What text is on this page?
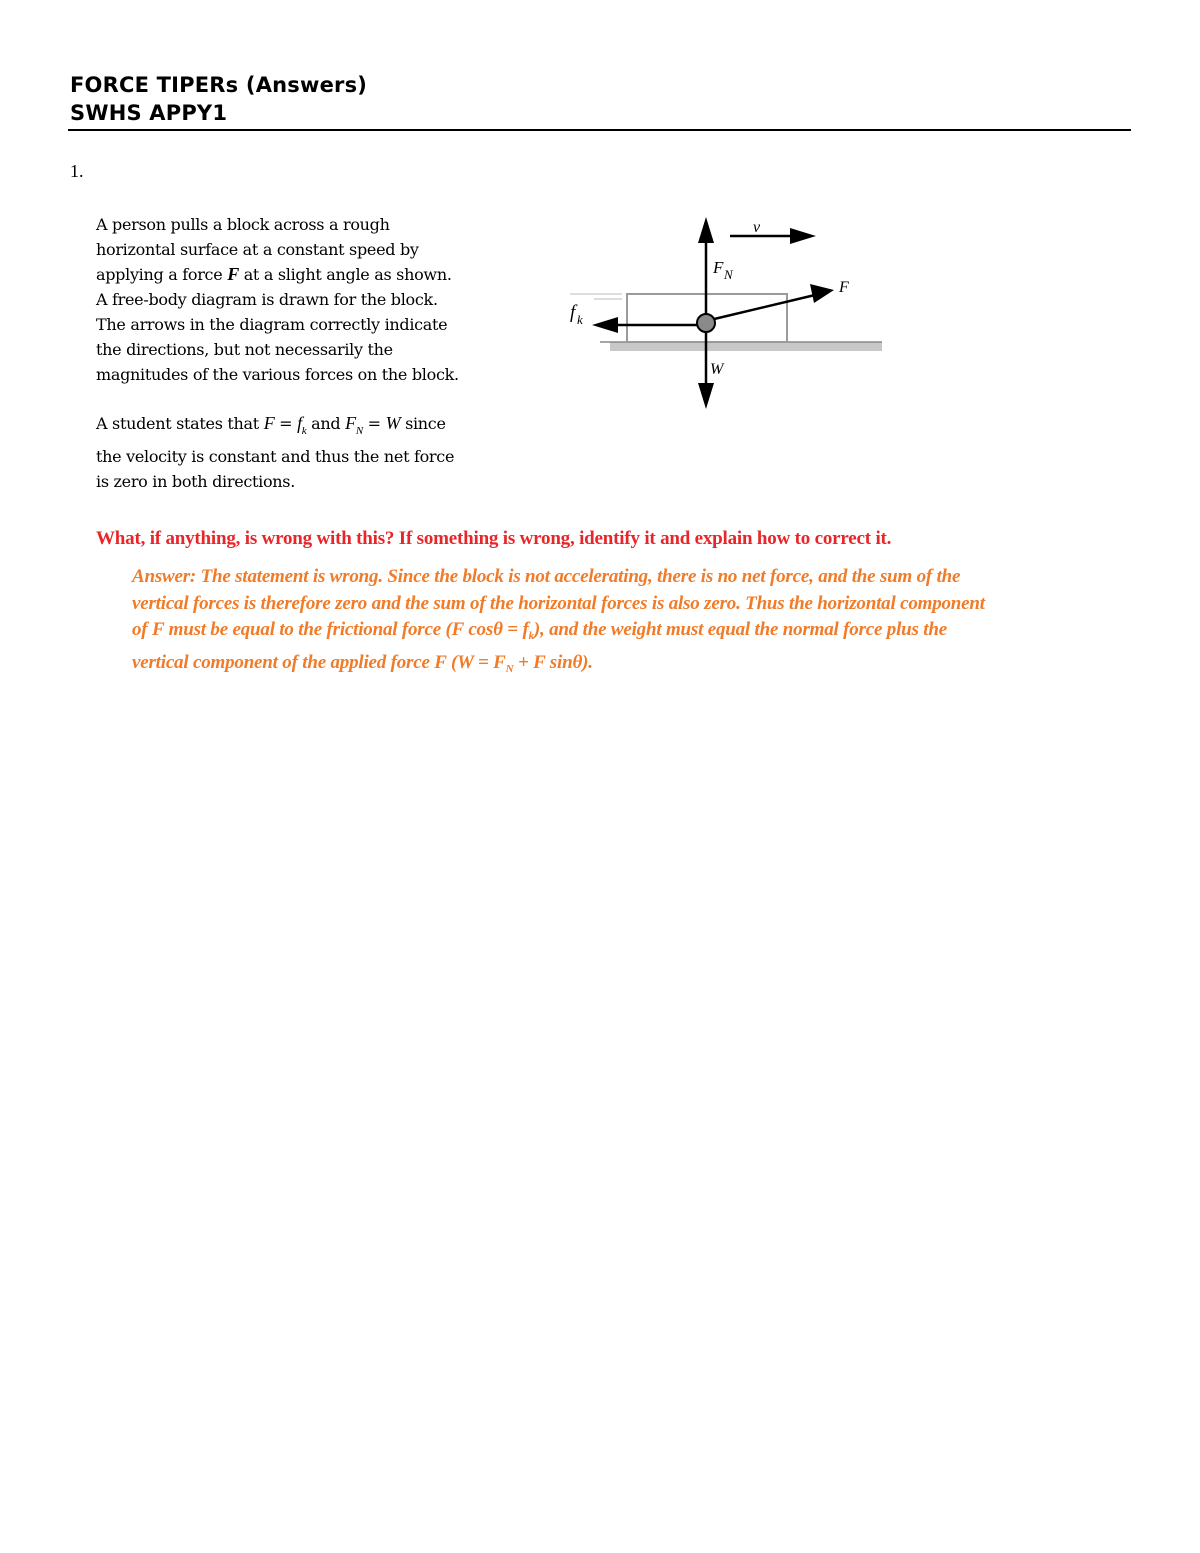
FORCE TIPERs (Answers)
SWHS APPY1
1.
A person pulls a block across a rough
horizontal surface at a constant speed by
applying a force F at a slight angle as shown.
A free-body diagram is drawn for the block.
The arrows in the diagram correctly indicate
the directions, but not necessarily the
magnitudes of the various forces on the block.
A student states that $F = f_k$ and $F_N = W$ since
the velocity is constant and thus the net force
is zero in both directions.
v
F N
F
f k
W
What, if anything, is wrong with this? If something is wrong, identify it and explain how to correct it.
Answer: The statement is wrong. Since the block is not accelerating, there is no net force, and the sum of the
vertical forces is therefore zero and the sum of the horizontal forces is also zero. Thus the horizontal component
of F must be equal to the frictional force (F $\cos\theta = f_k$), and the weight must equal the normal force plus the
vertical component of the applied force F ($W = F_N + F$ sinθ).
